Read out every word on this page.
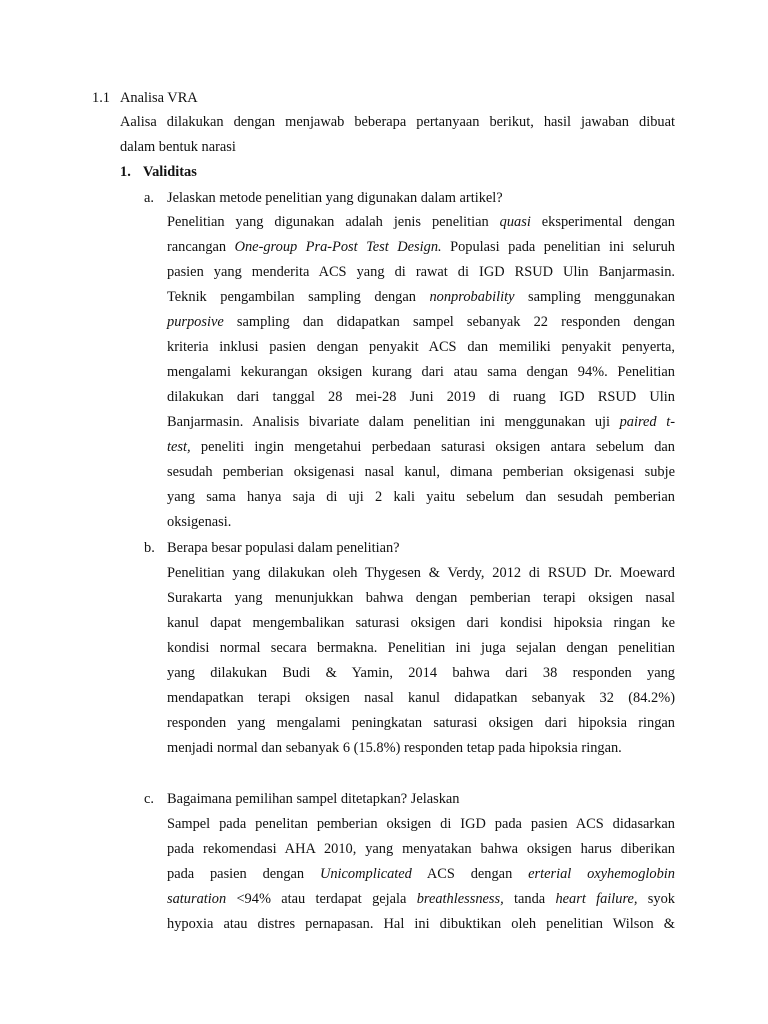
1.1 Analisa VRA
Aalisa dilakukan dengan menjawab beberapa pertanyaan berikut, hasil jawaban dibuat
dalam bentuk narasi
1. Validitas
a. Jelaskan metode penelitian yang digunakan dalam artikel?
Penelitian yang digunakan adalah jenis penelitian quasi eksperimental dengan
rancangan One-group Pra-Post Test Design. Populasi pada penelitian ini seluruh
pasien yang menderita ACS yang di rawat di IGD RSUD Ulin Banjarmasin.
Teknik pengambilan sampling dengan nonprobability sampling menggunakan
purposive sampling dan didapatkan sampel sebanyak 22 responden dengan
kriteria inklusi pasien dengan penyakit ACS dan memiliki penyakit penyerta,
mengalami kekurangan oksigen kurang dari atau sama dengan 94%. Penelitian
dilakukan dari tanggal 28 mei-28 Juni 2019 di ruang IGD RSUD Ulin
Banjarmasin. Analisis bivariate dalam penelitian ini menggunakan uji paired t-
test, peneliti ingin mengetahui perbedaan saturasi oksigen antara sebelum dan
sesudah pemberian oksigenasi nasal kanul, dimana pemberian oksigenasi subje
yang sama hanya saja di uji 2 kali yaitu sebelum dan sesudah pemberian
oksigenasi.
b. Berapa besar populasi dalam penelitian?
Penelitian yang dilakukan oleh Thygesen & Verdy, 2012 di RSUD Dr. Moeward
Surakarta yang menunjukkan bahwa dengan pemberian terapi oksigen nasal
kanul dapat mengembalikan saturasi oksigen dari kondisi hipoksia ringan ke
kondisi normal secara bermakna. Penelitian ini juga sejalan dengan penelitian
yang dilakukan Budi & Yamin, 2014 bahwa dari 38 responden yang
mendapatkan terapi oksigen nasal kanul didapatkan sebanyak 32 (84.2%)
responden yang mengalami peningkatan saturasi oksigen dari hipoksia ringan
menjadi normal dan sebanyak 6 (15.8%) responden tetap pada hipoksia ringan.
c. Bagaimana pemilihan sampel ditetapkan? Jelaskan
Sampel pada penelitan pemberian oksigen di IGD pada pasien ACS didasarkan
pada rekomendasi AHA 2010, yang menyatakan bahwa oksigen harus diberikan
pada pasien dengan Unicomplicated ACS dengan erterial oxyhemoglobin
saturation <94% atau terdapat gejala breathlessness, tanda heart failure, syok
hypoxia atau distres pernapasan. Hal ini dibuktikan oleh penelitian Wilson &
